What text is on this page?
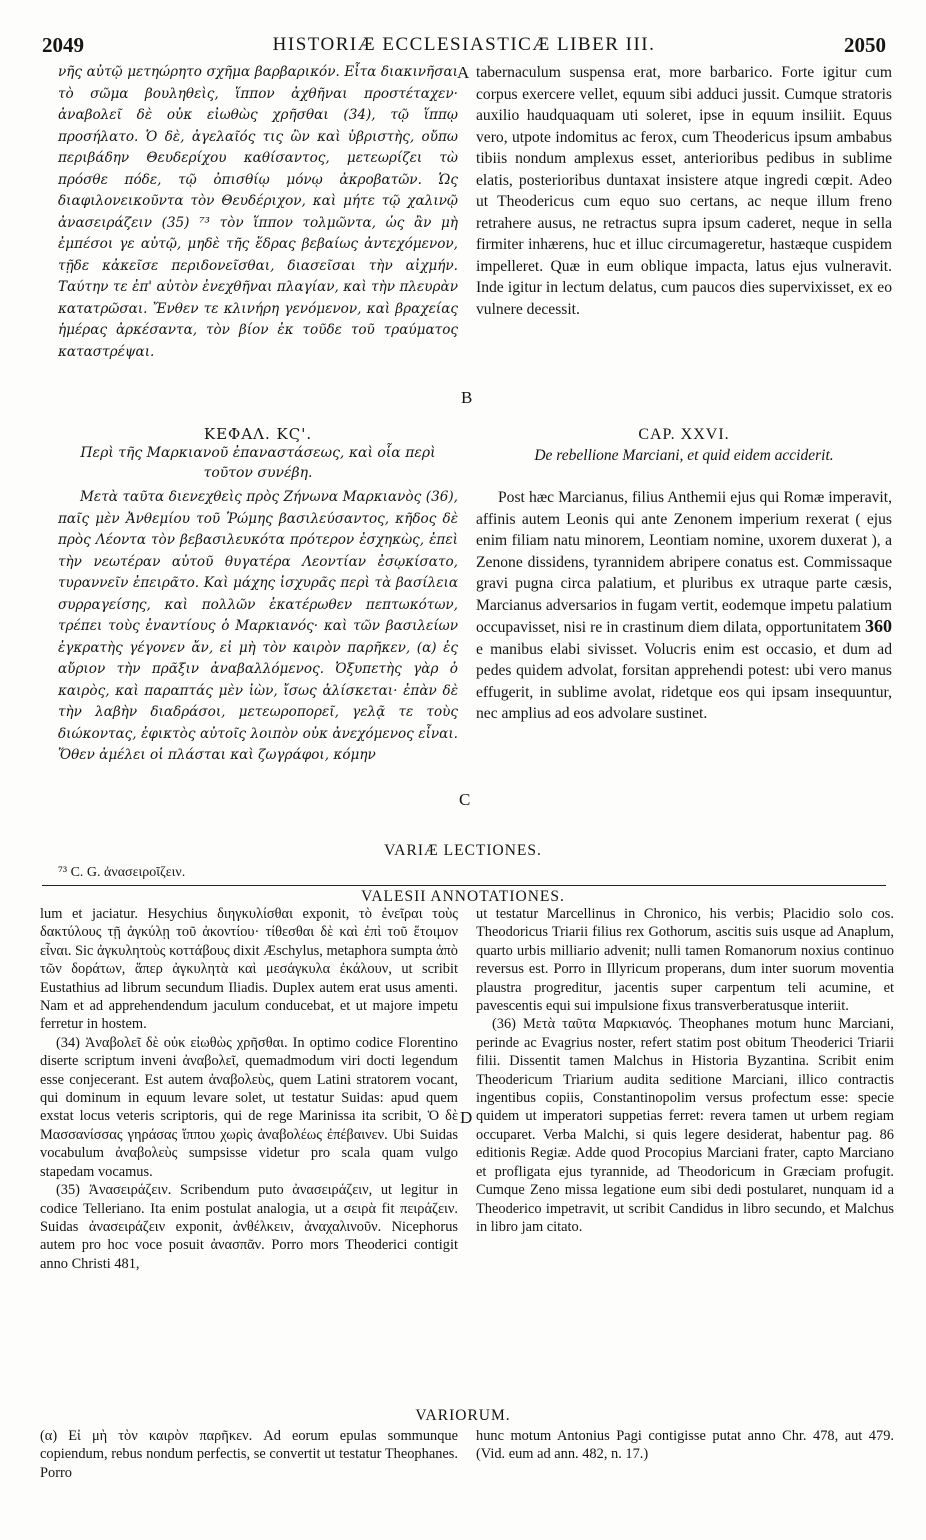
2049	HISTORIÆ ECCLESIASTICÆ LIBER III.	2050
A
B
C
D

νῆς αὐτῷ μετηώρητο σχῆμα βαρβαρικόν. Εἶτα διακινῆσαι τὸ σῶμα βουληθεὶς, ἵππον ἀχθῆναι προστέταχεν· ἀναβολεῖ δὲ οὐκ εἰωθὼς χρῆσθαι (34), τῷ ἵππῳ προσήλατο. Ὁ δὲ, ἀγελαῖός τις ὢν καὶ ὑβριστὴς, οὔπω περιβάδην Θευδερίχου καθίσαντος, μετεωρίζει τὼ πρόσθε πόδε, τῷ ὀπισθίῳ μόνῳ ἀκροβατῶν. Ὡς διαφιλονεικοῦντα τὸν Θευδέριχον, καὶ μήτε τῷ χαλινῷ ἀνασειράζειν (35) ⁷³ τὸν ἵππον τολμῶντα, ὡς ἂν μὴ ἐμπέσοι γε αὐτῷ, μηδὲ τῆς ἕδρας βεβαίως ἀντεχόμενον, τῇδε κἀκεῖσε περιδονεῖσθαι, διασεῖσαι τὴν αἰχμήν. Ταύτην τε ἐπ' αὐτὸν ἐνεχθῆναι πλαγίαν, καὶ τὴν πλευρὰν κατατρῶσαι. Ἔνθεν τε κλινήρη γενόμενον, καὶ βραχείας ἡμέρας ἀρκέσαντα, τὸν βίον ἐκ τοῦδε τοῦ τραύματος καταστρέψαι.

ΚΕΦΑΛ. ΚϚ'.
Περὶ τῆς Μαρκιανοῦ ἐπαναστάσεως, καὶ οἷα περὶ τοῦτον συνέβη.

Μετὰ ταῦτα διενεχθεὶς πρὸς Ζήνωνα Μαρκιανὸς (36), παῖς μὲν Ἀνθεμίου τοῦ Ῥώμης βασιλεύσαντος, κῆδος δὲ πρὸς Λέοντα τὸν βεβασιλευκότα πρότερον ἐσχηκὼς, ἐπεὶ τὴν νεωτέραν αὐτοῦ θυγατέρα Λεοντίαν ἐσῳκίσατο, τυραννεῖν ἐπειρᾶτο. Καὶ μάχης ἰσχυρᾶς περὶ τὰ βασίλεια συρραγείσης, καὶ πολλῶν ἑκατέρωθεν πεπτωκότων, τρέπει τοὺς ἐναντίους ὁ Μαρκιανός· καὶ τῶν βασιλείων ἐγκρατὴς γέγονεν ἄν, εἰ μὴ τὸν καιρὸν παρῆκεν, (α) ἐς αὔριον τὴν πρᾶξιν ἀναβαλλόμενος. Ὀξυπετὴς γὰρ ὁ καιρὸς, καὶ παραπτάς μὲν ἰὼν, ἴσως ἁλίσκεται· ἐπὰν δὲ τὴν λαβὴν διαδράσοι, μετεωροπορεῖ, γελᾷ τε τοὺς διώκοντας, ἐφικτὸς αὐτοῖς λοιπὸν οὐκ ἀνεχόμενος εἶναι. Ὅθεν ἀμέλει οἱ πλάσται καὶ ζωγράφοι, κόμην

tabernaculum suspensa erat, more barbarico. Forte igitur cum corpus exercere vellet, equum sibi adduci jussit. Cumque stratoris auxilio haudquaquam uti soleret, ipse in equum insiliit. Equus vero, utpote indomitus ac ferox, cum Theodericus ipsum ambabus tibiis nondum amplexus esset, anterioribus pedibus in sublime elatis, posterioribus duntaxat insistere atque ingredi cœpit. Adeo ut Theodericus cum equo suo certans, ac neque illum freno retrahere ausus, ne retractus supra ipsum caderet, neque in sella firmiter inhærens, huc et illuc circumageretur, hastæque cuspidem impelleret. Quæ in eum oblique impacta, latus ejus vulneravit. Inde igitur in lectum delatus, cum paucos dies supervixisset, ex eo vulnere decessit.

CAP. XXVI.
De rebellione Marciani, et quid eidem acciderit.

Post hæc Marcianus, filius Anthemii ejus qui Romæ imperavit, affinis autem Leonis qui ante Zenonem imperium rexerat ( ejus enim filiam natu minorem, Leontiam nomine, uxorem duxerat ), a Zenone dissidens, tyrannidem abripere conatus est. Commissaque gravi pugna circa palatium, et pluribus ex utraque parte cæsis, Marcianus adversarios in fugam vertit, eodemque impetu palatium occupavisset, nisi re in crastinum diem dilata, opportunitatem 360 e manibus elabi sivisset. Volucris enim est occasio, et dum ad pedes quidem advolat, forsitan apprehendi potest: ubi vero manus effugerit, in sublime avolat, ridetque eos qui ipsam insequuntur, nec amplius ad eos advolare sustinet.

VARIÆ LECTIONES.
⁷³ C. G. ἀνασειροῖζειν.
VALESII ANNOTATIONES.

lum et jaciatur. Hesychius διηγκυλίσθαι exponit, τὸ ἐνεῖραι τοὺς δακτύλους τῇ ἀγκύλῃ τοῦ ἀκοντίου· τίθεσθαι δὲ καὶ ἐπὶ τοῦ ἕτοιμον εἶναι. Sic ἀγκυλητοὺς κοττάβους dixit Æschylus, metaphora sumpta ἀπὸ τῶν δοράτων, ἅπερ ἀγκυλητὰ καὶ μεσάγκυλα ἐκάλουν, ut scribit Eustathius ad librum secundum Iliadis. Duplex autem erat usus amenti. Nam et ad apprehendendum jaculum conducebat, et ut majore impetu ferretur in hostem.

(34) Ἀναβολεῖ δὲ οὐκ εἰωθὼς χρῆσθαι. In optimo codice Florentino diserte scriptum inveni ἀναβολεῖ, quemadmodum viri docti legendum esse conjecerant. Est autem ἀναβολεὺς, quem Latini stratorem vocant, qui dominum in equum levare solet, ut testatur Suidas: apud quem exstat locus veteris scriptoris, qui de rege Marinissa ita scribit, Ὁ δὲ Μασσανίσσας γηράσας ἵππου χωρὶς ἀναβολέως ἐπέβαινεν. Ubi Suidas vocabulum ἀναβολεὺς sumpsisse videtur pro scala quam vulgo stapedam vocamus.

(35) Ἀνασειράζειν. Scribendum puto ἀνασειράζειν, ut legitur in codice Telleriano. Ita enim postulat analogia, ut a σειρὰ fit πειράζειν. Suidas ἀνασειράζειν exponit, ἀνθέλκειν, ἀναχαλινοῦν. Nicephorus autem pro hoc voce posuit ἀνασπᾶν. Porro mors Theoderici contigit anno Christi 481,

ut testatur Marcellinus in Chronico, his verbis; Placidio solo cos. Theodoricus Triarii filius rex Gothorum, ascitis suis usque ad Anaplum, quarto urbis milliario advenit; nulli tamen Romanorum noxius continuo reversus est. Porro in Illyricum properans, dum inter suorum moventia plaustra progreditur, jacentis super carpentum teli acumine, et pavescentis equi sui impulsione fixus transverberatusque interiit.

(36) Μετὰ ταῦτα Μαρκιανός. Theophanes motum hunc Marciani, perinde ac Evagrius noster, refert statim post obitum Theoderici Triarii filii. Dissentit tamen Malchus in Historia Byzantina. Scribit enim Theodericum Triarium audita seditione Marciani, illico contractis ingentibus copiis, Constantinopolim versus profectum esse: specie quidem ut imperatori suppetias ferret: revera tamen ut urbem regiam occuparet. Verba Malchi, si quis legere desiderat, habentur pag. 86 editionis Regiæ. Adde quod Procopius Marciani frater, capto Marciano et profligata ejus tyrannide, ad Theodoricum in Græciam profugit. Cumque Zeno missa legatione eum sibi dedi postularet, nunquam id a Theoderico impetravit, ut scribit Candidus in libro secundo, et Malchus in libro jam citato.

VARIORUM.

(α) Εἰ μὴ τὸν καιρὸν παρῆκεν. Ad eorum epulas sommunque copiendum, rebus nondum perfectis, se convertit ut testatur Theophanes. Porro

hunc motum Antonius Pagi contigisse putat anno Chr. 478, aut 479. (Vid. eum ad ann. 482, n. 17.)
